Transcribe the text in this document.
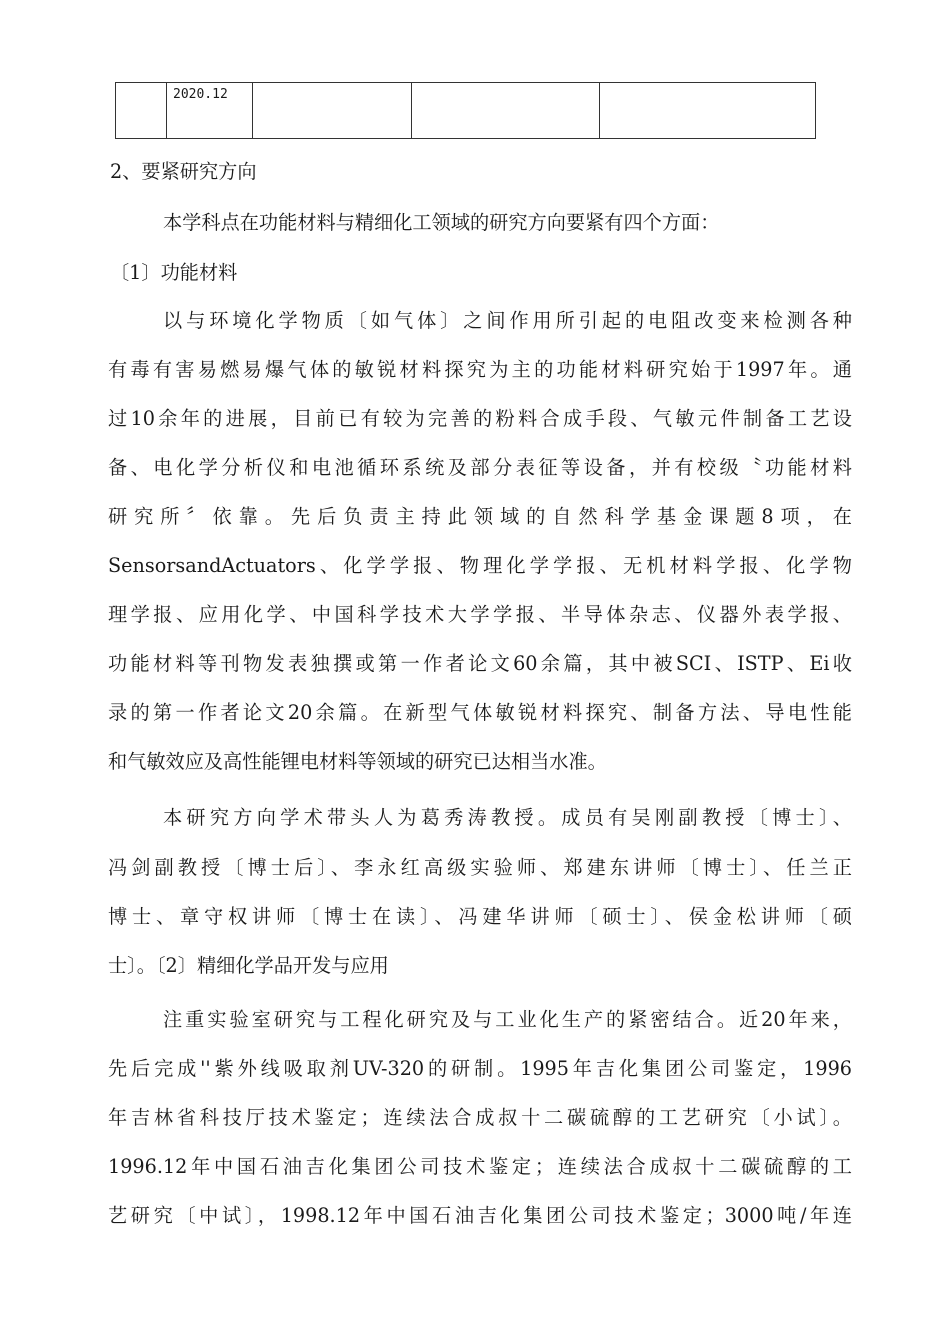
	2020.12			
2、要紧研究方向
本学科点在功能材料与精细化工领域的研究方向要紧有四个方面：
〔1〕功能材料
以与环境化学物质〔如气体〕之间作用所引起的电阻改变来检测各种
有毒有害易燃易爆气体的敏锐材料探究为主的功能材料研究始于1997年。通
过10余年的进展，目前已有较为完善的粉料合成手段、气敏元件制备工艺设
备、电化学分析仪和电池循环系统及部分表征等设备，并有校级〝功能材料
研究所〞依靠。先后负责主持此领域的自然科学基金课题8项，在
SensorsandActuators、化学学报、物理化学学报、无机材料学报、化学物
理学报、应用化学、中国科学技术大学学报、半导体杂志、仪器外表学报、
功能材料等刊物发表独撰或第一作者论文60余篇，其中被SCI、ISTP、Ei收
录的第一作者论文20余篇。在新型气体敏锐材料探究、制备方法、导电性能
和气敏效应及高性能锂电材料等领域的研究已达相当水准。
本研究方向学术带头人为葛秀涛教授。成员有吴刚副教授〔博士〕、
冯剑副教授〔博士后〕、李永红高级实验师、郑建东讲师〔博士〕、任兰正
博士、章守权讲师〔博士在读〕、冯建华讲师〔硕士〕、侯金松讲师〔硕
士〕。〔2〕精细化学品开发与应用
注重实验室研究与工程化研究及与工业化生产的紧密结合。近20年来，
先后完成''紫外线吸取剂UV-320的研制。1995年吉化集团公司鉴定，1996
年吉林省科技厅技术鉴定；连续法合成叔十二碳硫醇的工艺研究〔小试〕。
1996.12年中国石油吉化集团公司技术鉴定；连续法合成叔十二碳硫醇的工
艺研究〔中试〕，1998.12年中国石油吉化集团公司技术鉴定；3000吨/年连
